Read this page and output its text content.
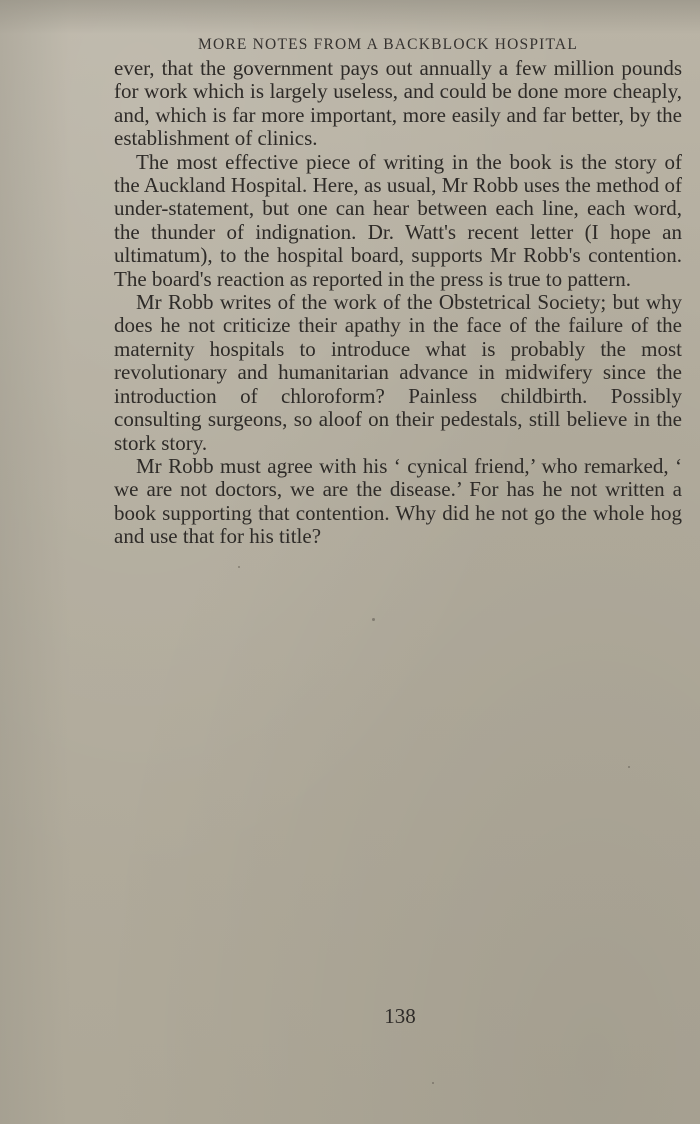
MORE NOTES FROM A BACKBLOCK HOSPITAL

ever, that the government pays out annually a few million pounds for work which is largely useless, and could be done more cheaply, and, which is far more important, more easily and far better, by the establishment of clinics.

The most effective piece of writing in the book is the story of the Auckland Hospital. Here, as usual, Mr Robb uses the method of under-statement, but one can hear between each line, each word, the thunder of indignation. Dr. Watt's recent letter (I hope an ultimatum), to the hospital board, supports Mr Robb's contention. The board's reaction as reported in the press is true to pattern.

Mr Robb writes of the work of the Obstetrical Society; but why does he not criticize their apathy in the face of the failure of the maternity hospitals to introduce what is probably the most revolutionary and humanitarian advance in midwifery since the introduction of chloroform? Painless childbirth. Possibly consulting surgeons, so aloof on their pedestals, still believe in the stork story.

Mr Robb must agree with his ‘ cynical friend,’ who remarked, ‘ we are not doctors, we are the disease.’ For has he not written a book supporting that contention. Why did he not go the whole hog and use that for his title?

138
